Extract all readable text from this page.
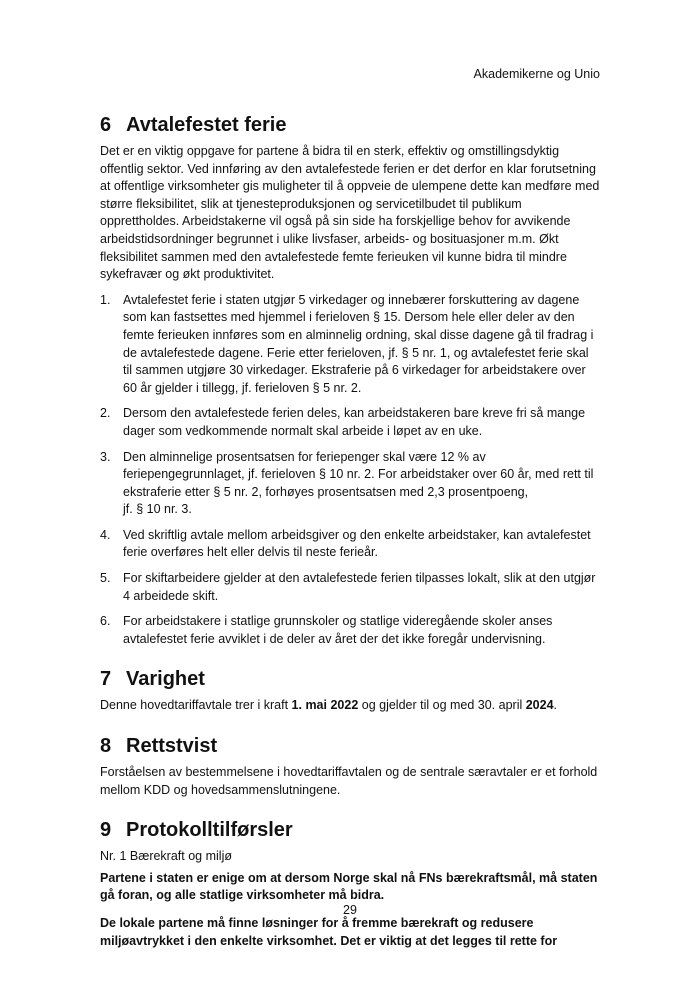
Akademikerne og Unio
6 Avtalefestet ferie

Det er en viktig oppgave for partene å bidra til en sterk, effektiv og omstillingsdyktig offentlig sektor. Ved innføring av den avtalefestede ferien er det derfor en klar forutsetning at offentlige virksomheter gis muligheter til å oppveie de ulempene dette kan medføre med større fleksibilitet, slik at tjenesteproduksjonen og servicetilbudet til publikum opprettholdes. Arbeidstakerne vil også på sin side ha forskjellige behov for avvikende arbeidstidsordninger begrunnet i ulike livsfaser, arbeids- og bosituasjoner m.m. Økt fleksibilitet sammen med den avtalefestede femte ferieuken vil kunne bidra til mindre sykefravær og økt produktivitet.

1.	Avtalefestet ferie i staten utgjør 5 virkedager og innebærer forskuttering av dagene som kan fastsettes med hjemmel i ferieloven § 15. Dersom hele eller deler av den femte ferieuken innføres som en alminnelig ordning, skal disse dagene gå til fradrag i de avtalefestede dagene. Ferie etter ferieloven, jf. § 5 nr. 1, og avtalefestet ferie skal til sammen utgjøre 30 virkedager. Ekstraferie på 6 virkedager for arbeidstakere over 60 år gjelder i tillegg, jf. ferieloven § 5 nr. 2.
2.	Dersom den avtalefestede ferien deles, kan arbeidstakeren bare kreve fri så mange dager som vedkommende normalt skal arbeide i løpet av en uke.
3.	Den alminnelige prosentsatsen for feriepenger skal være 12 % av feriepengegrunnlaget, jf. ferieloven § 10 nr. 2. For arbeidstaker over 60 år, med rett til ekstraferie etter § 5 nr. 2, forhøyes prosentsatsen med 2,3 prosentpoeng,
jf. § 10 nr. 3.
4.	Ved skriftlig avtale mellom arbeidsgiver og den enkelte arbeidstaker, kan avtalefestet ferie overføres helt eller delvis til neste ferieår.
5.	For skiftarbeidere gjelder at den avtalefestede ferien tilpasses lokalt, slik at den utgjør 4 arbeidede skift.
6.	For arbeidstakere i statlige grunnskoler og statlige videregående skoler anses avtalefestet ferie avviklet i de deler av året der det ikke foregår undervisning.
7 Varighet

Denne hovedtariffavtale trer i kraft 1. mai 2022 og gjelder til og med 30. april 2024.

8 Rettstvist

Forståelsen av bestemmelsene i hovedtariffavtalen og de sentrale særavtaler er et forhold mellom KDD og hovedsammenslutningene.

9 Protokolltilførsler

Nr. 1 Bærekraft og miljø

Partene i staten er enige om at dersom Norge skal nå FNs bærekraftsmål, må staten gå foran, og alle statlige virksomheter må bidra.

De lokale partene må finne løsninger for å fremme bærekraft og redusere miljøavtrykket i den enkelte virksomhet. Det er viktig at det legges til rette for

29
